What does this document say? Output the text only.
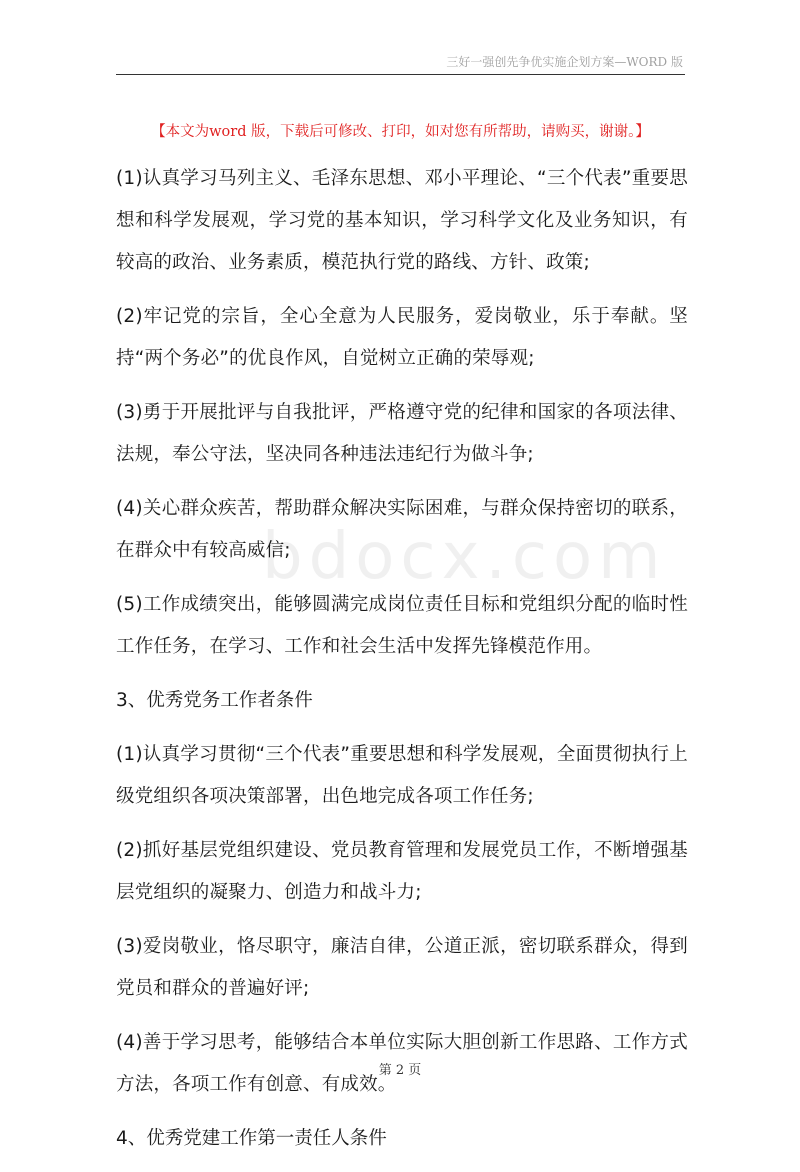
三好一强创先争优实施企划方案—WORD 版
【本文为word 版，下载后可修改、打印，如对您有所帮助，请购买，谢谢。】
bdocx.com

(1)认真学习马列主义、毛泽东思想、邓小平理论、“三个代表”重要思想和科学发展观，学习党的基本知识，学习科学文化及业务知识，有较高的政治、业务素质，模范执行党的路线、方针、政策;

(2)牢记党的宗旨，全心全意为人民服务，爱岗敬业，乐于奉献。坚持“两个务必”的优良作风，自觉树立正确的荣辱观;

(3)勇于开展批评与自我批评，严格遵守党的纪律和国家的各项法律、法规，奉公守法，坚决同各种违法违纪行为做斗争;

(4)关心群众疾苦，帮助群众解决实际困难，与群众保持密切的联系，在群众中有较高威信;

(5)工作成绩突出，能够圆满完成岗位责任目标和党组织分配的临时性工作任务，在学习、工作和社会生活中发挥先锋模范作用。

3、优秀党务工作者条件

(1)认真学习贯彻“三个代表”重要思想和科学发展观，全面贯彻执行上级党组织各项决策部署，出色地完成各项工作任务;

(2)抓好基层党组织建设、党员教育管理和发展党员工作，不断增强基层党组织的凝聚力、创造力和战斗力;

(3)爱岗敬业，恪尽职守，廉洁自律，公道正派，密切联系群众，得到党员和群众的普遍好评;

(4)善于学习思考，能够结合本单位实际大胆创新工作思路、工作方式方法，各项工作有创意、有成效。

4、优秀党建工作第一责任人条件

第 2 页
